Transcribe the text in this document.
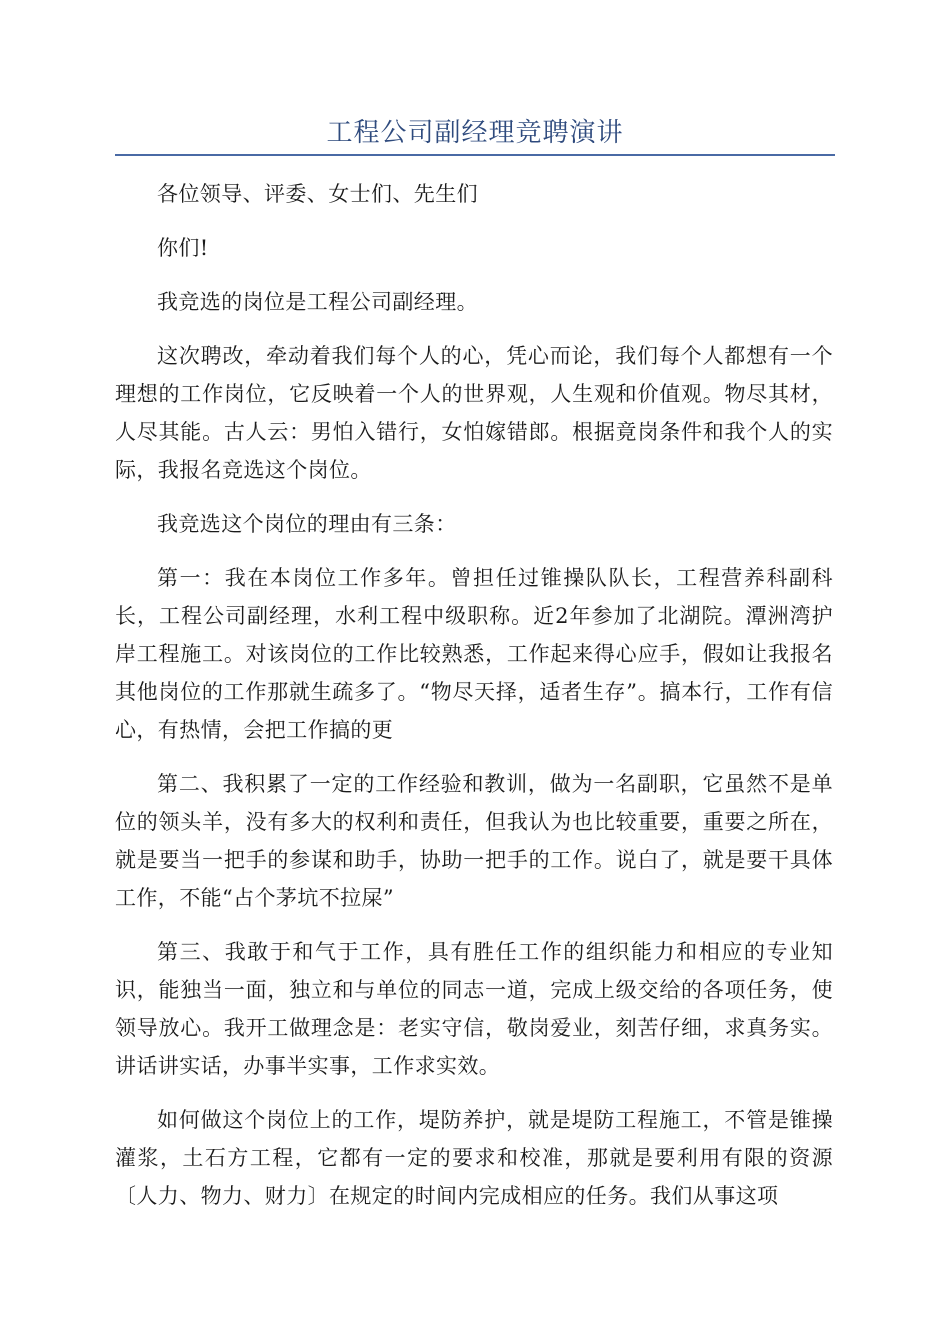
工程公司副经理竞聘演讲

各位领导、评委、女士们、先生们

你们!

我竞选的岗位是工程公司副经理。

这次聘改，牵动着我们每个人的心，凭心而论，我们每个人都想有一个理想的工作岗位，它反映着一个人的世界观，人生观和价值观。物尽其材，人尽其能。古人云：男怕入错行，女怕嫁错郎。根据竟岗条件和我个人的实际，我报名竞选这个岗位。

我竞选这个岗位的理由有三条：

第一：我在本岗位工作多年。曾担任过锥操队队长，工程营养科副科长，工程公司副经理，水利工程中级职称。近2年参加了北湖院。潭洲湾护岸工程施工。对该岗位的工作比较熟悉，工作起来得心应手，假如让我报名其他岗位的工作那就生疏多了。“物尽天择，适者生存”。搞本行，工作有信心，有热情，会把工作搞的更

第二、我积累了一定的工作经验和教训，做为一名副职，它虽然不是单位的领头羊，没有多大的权利和责任，但我认为也比较重要，重要之所在，就是要当一把手的参谋和助手，协助一把手的工作。说白了，就是要干具体工作，不能“占个茅坑不拉屎”

第三、我敢于和气于工作，具有胜任工作的组织能力和相应的专业知识，能独当一面，独立和与单位的同志一道，完成上级交给的各项任务，使领导放心。我开工做理念是：老实守信，敬岗爱业，刻苦仔细，求真务实。讲话讲实话，办事半实事，工作求实效。

如何做这个岗位上的工作，堤防养护，就是堤防工程施工，不管是锥操灌浆，土石方工程，它都有一定的要求和校准，那就是要利用有限的资源〔人力、物力、财力〕在规定的时间内完成相应的任务。我们从事这项
